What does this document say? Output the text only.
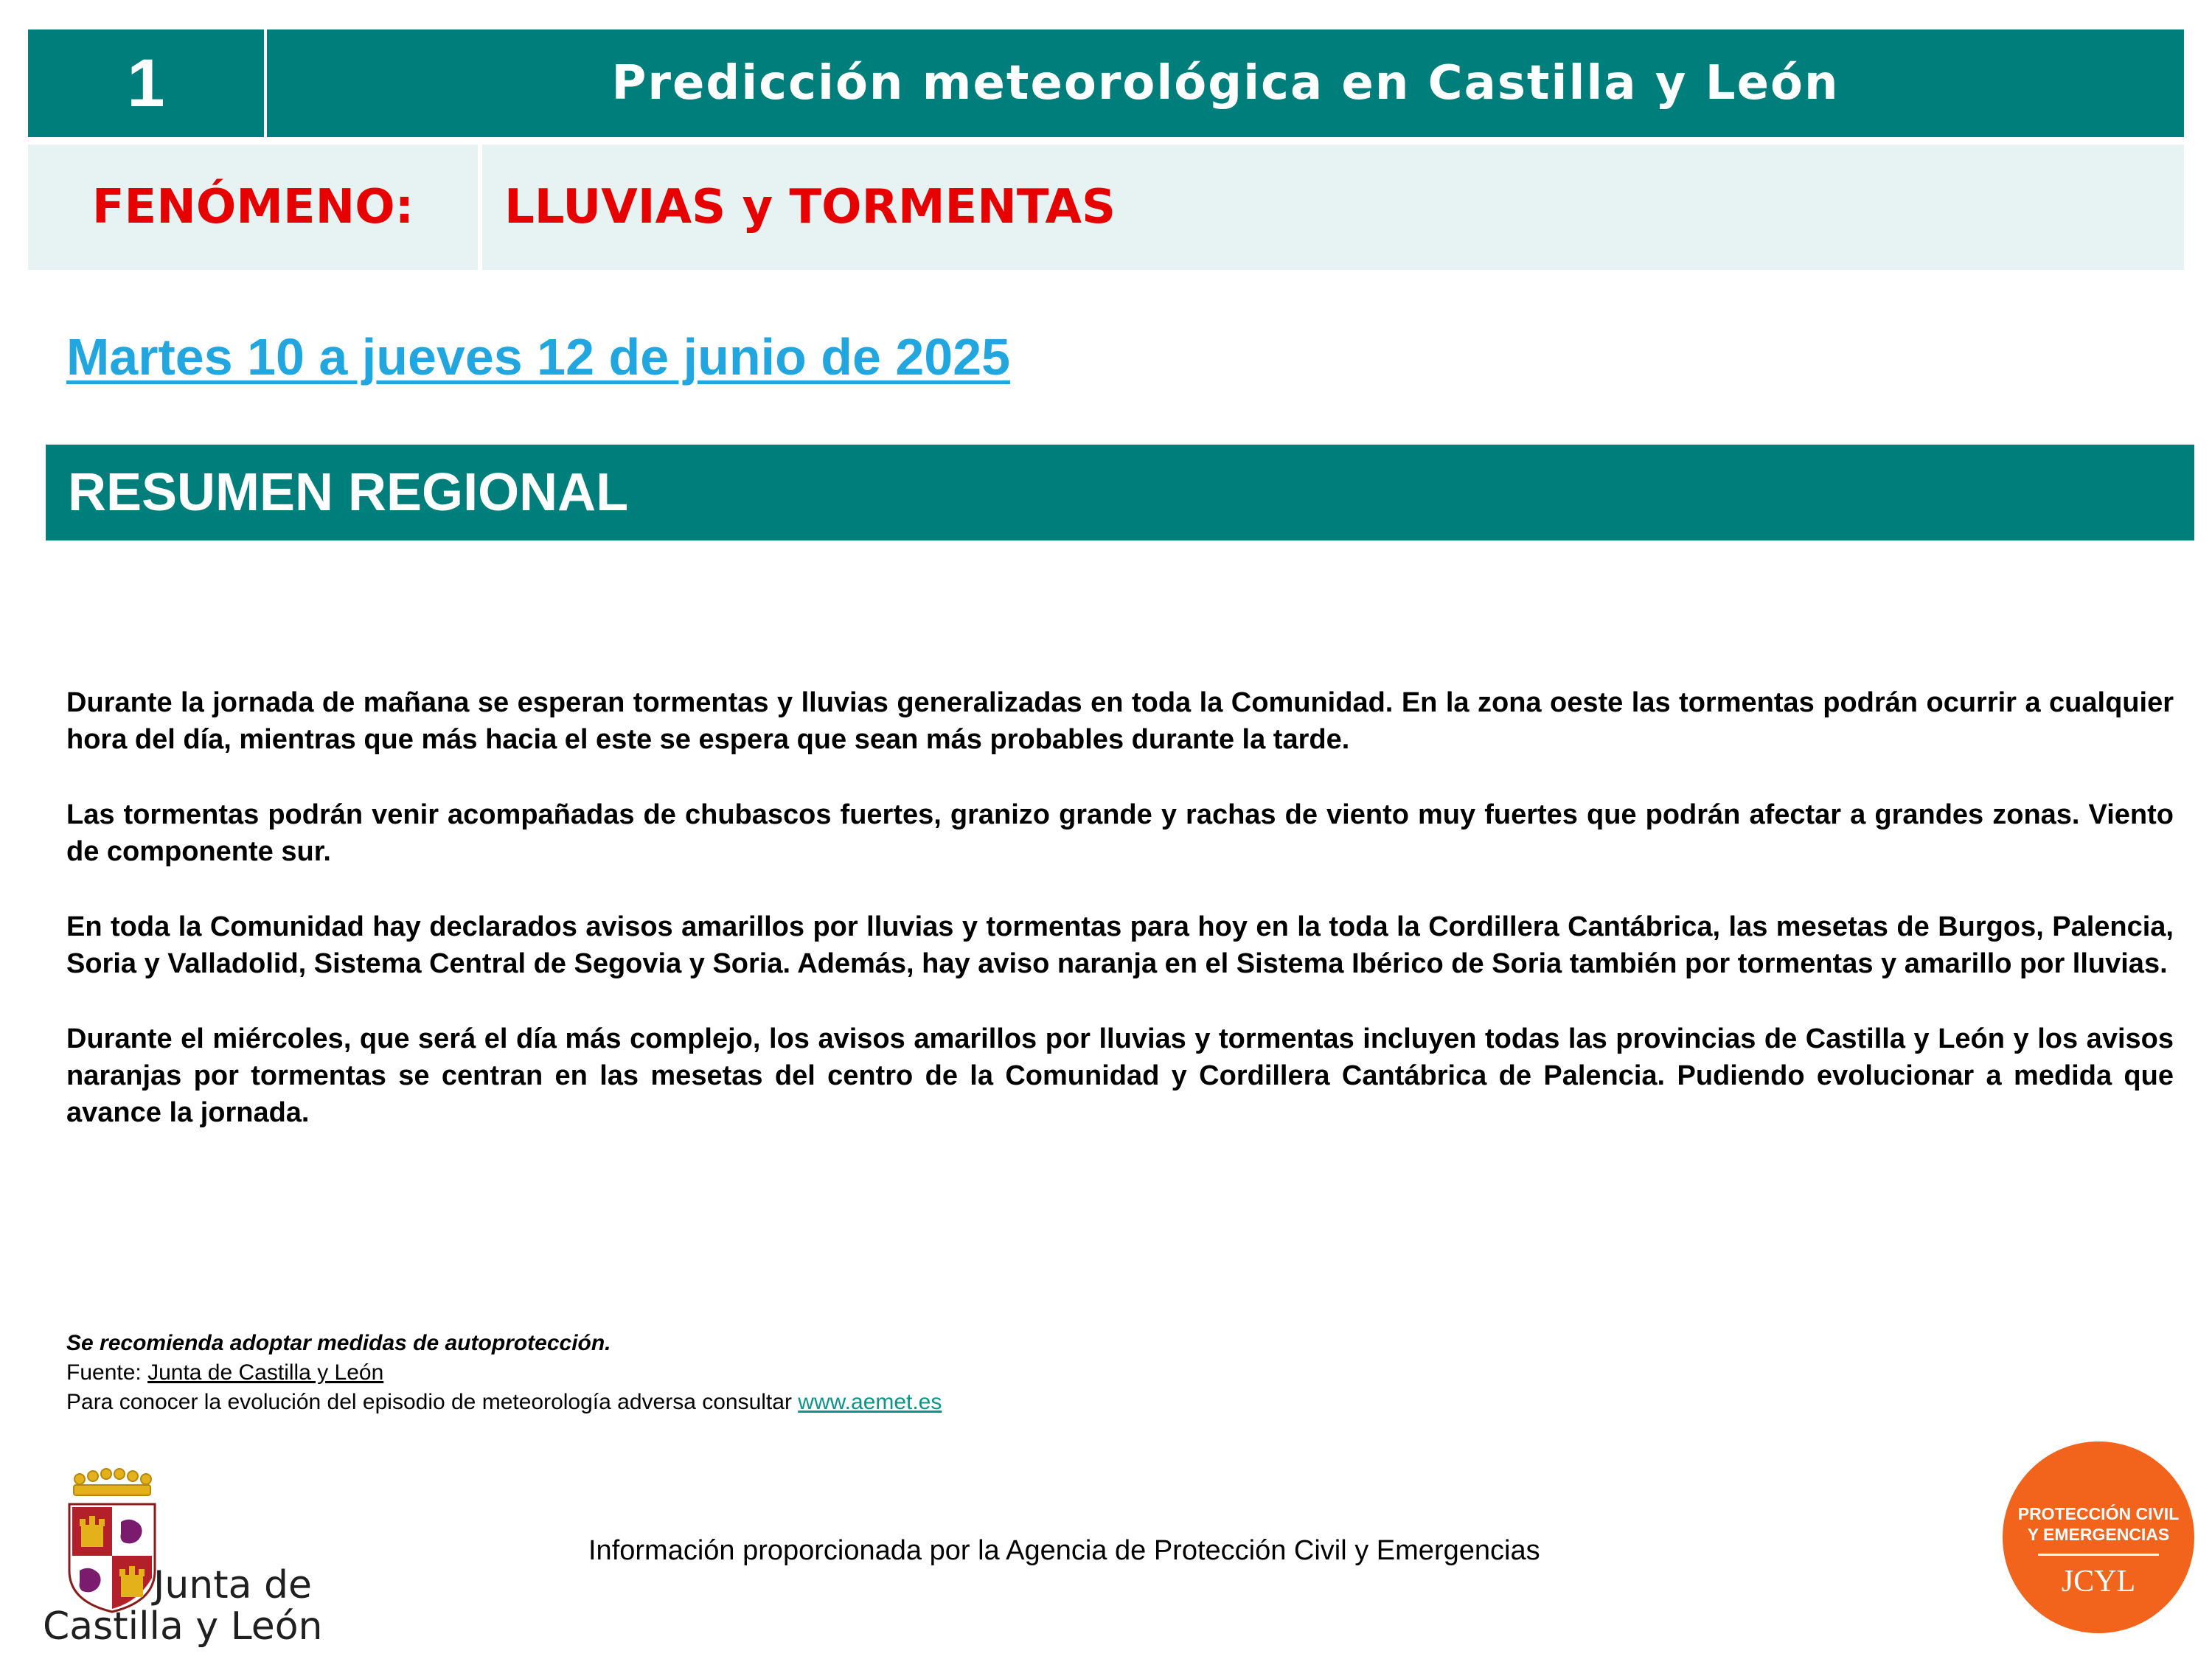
1	Predicción meteorológica en Castilla y León
FENÓMENO:	LLUVIAS y TORMENTAS
Martes 10 a jueves 12 de junio de 2025
RESUMEN REGIONAL

Durante la jornada de mañana se esperan tormentas y lluvias generalizadas en toda la Comunidad. En la zona oeste las tormentas podrán ocurrir a cualquier hora del día, mientras que más hacia el este se espera que sean más probables durante la tarde.

Las tormentas podrán venir acompañadas de chubascos fuertes, granizo grande y rachas de viento muy fuertes que podrán afectar a grandes zonas. Viento de componente sur.

En toda la Comunidad hay declarados avisos amarillos por lluvias y tormentas para hoy en la toda la Cordillera Cantábrica, las mesetas de Burgos, Palencia, Soria y Valladolid, Sistema Central de Segovia y Soria. Además, hay aviso naranja en el Sistema Ibérico de Soria también por tormentas y amarillo por lluvias.

Durante el miércoles, que será el día más complejo, los avisos amarillos por lluvias y tormentas incluyen todas las provincias de Castilla y León y los avisos naranjas por tormentas se centran en las mesetas del centro de la Comunidad y Cordillera Cantábrica de Palencia. Pudiendo evolucionar a medida que avance la jornada.

Se recomienda adoptar medidas de autoprotección.
Fuente: Junta de Castilla y León
Para conocer la evolución del episodio de meteorología adversa consultar www.aemet.es
Información proporcionada por la Agencia de Protección Civil y Emergencias
Junta de
Castilla y León
PROTECCIÓN CIVIL
Y EMERGENCIAS
JCYL
